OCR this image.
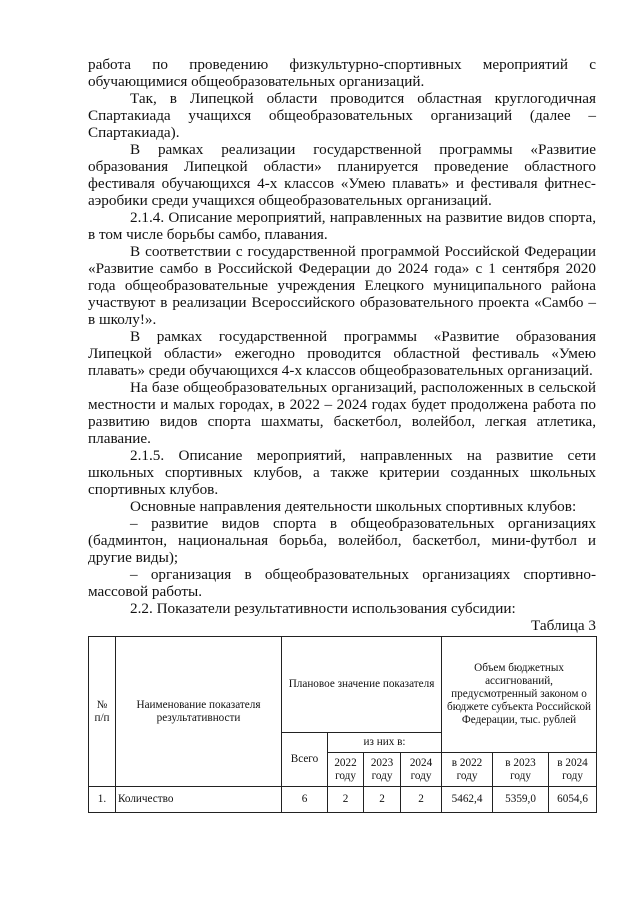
работа по проведению физкультурно-спортивных мероприятий с обучающимися общеобразовательных организаций.

Так, в Липецкой области проводится областная круглогодичная Спартакиада учащихся общеобразовательных организаций (далее – Спартакиада).

В рамках реализации государственной программы «Развитие образования Липецкой области» планируется проведение областного фестиваля обучающихся 4-х классов «Умею плавать» и фестиваля фитнес-аэробики среди учащихся общеобразовательных организаций.

2.1.4. Описание мероприятий, направленных на развитие видов спорта, в том числе борьбы самбо, плавания.

В соответствии с государственной программой Российской Федерации «Развитие самбо в Российской Федерации до 2024 года» с 1 сентября 2020 года общеобразовательные учреждения Елецкого муниципального района участвуют в реализации Всероссийского образовательного проекта «Самбо – в школу!».

В рамках государственной программы «Развитие образования Липецкой области» ежегодно проводится областной фестиваль «Умею плавать» среди обучающихся 4-х классов общеобразовательных организаций.

На базе общеобразовательных организаций, расположенных в сельской местности и малых городах, в 2022 – 2024 годах будет продолжена работа по развитию видов спорта шахматы, баскетбол, волейбол, легкая атлетика, плавание.

2.1.5. Описание мероприятий, направленных на развитие сети школьных спортивных клубов, а также критерии созданных школьных спортивных клубов.

Основные направления деятельности школьных спортивных клубов:

– развитие видов спорта в общеобразовательных организациях (бадминтон, национальная борьба, волейбол, баскетбол, мини-футбол и другие виды);

– организация в общеобразовательных организациях спортивно-массовой работы.

2.2. Показатели результативности использования субсидии:

Таблица 3

№ п/п	Наименование показателя результативности	Плановое значение показателя				Объем бюджетных ассигнований, предусмотренный законом о бюджете субъекта Российской Федерации, тыс. рублей		
		Всего	из них в:					
			2022 году	2023 году	2024 году	в 2022 году	в 2023 году	в 2024 году
1.	Количество	6	2	2	2	5462,4	5359,0	6054,6
